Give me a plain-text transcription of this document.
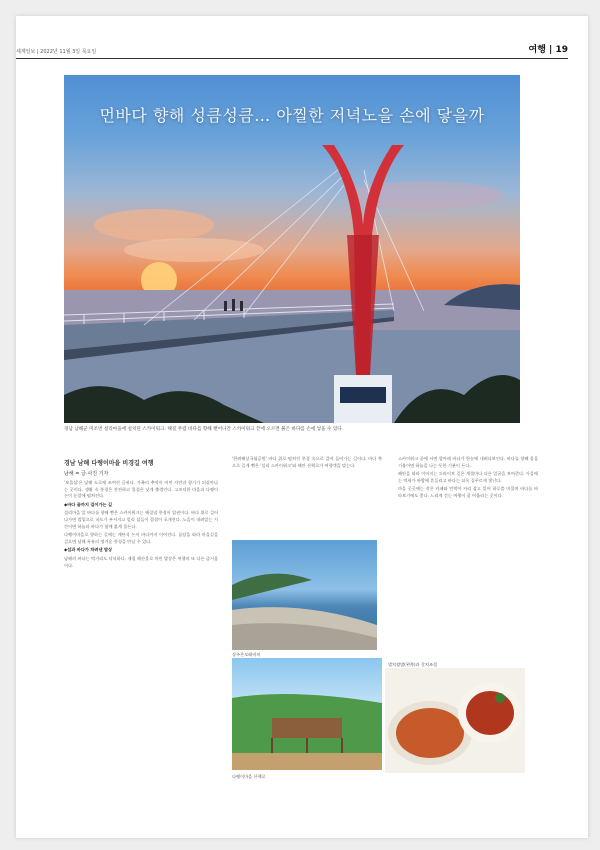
세계일보 | 2022년 11월 3일 목요일	여행 | 19
먼바다 향해 성큼성큼… 아찔한 저녁노을 손에 닿을까
경남 남해군 미조면 설리마을에 설치된 스카이워크. 해질 무렵 바다를 향해 뻗어나간 스카이워크 끝에 오르면 붉은 바다를 손에 넣을 수 있다.
경남 남해 다랭이마을 비경길 여행
남해 = 글·사진 기자

'보물섬'은 남해 도로에 쓰여진 글귀다. 가족의 추억이 어린 자연과 향기가 되살아나는 곳이다. 생활 속 풍경은 잔잔하고 물결은 낮게 출렁인다. 고즈넉한 마을과 다랭이논이 눈앞에 펼쳐진다.

◆바다 끝까지 걸어가는 길

설리마을 앞 바다를 향해 뻗은 스카이워크는 해질녘 풍경이 압권이다. 바다 위로 걸어 나가면 발밑으로 파도가 부서지고 멀리 섬들이 겹겹이 포개진다. 노을이 내려앉는 시간이면 하늘과 바다가 함께 붉게 물든다.

다랭이마을로 향하는 길에는 계단식 논이 바다까지 이어진다. 돌담을 따라 마을길을 걸으면 남해 특유의 정겨운 풍경을 만날 수 있다.

◆섬과 바다가 차려낸 밥상

남해의 바다는 먹거리도 넉넉하다. 제철 해산물로 차린 밥상은 여행의 또 다른 즐거움이다.

'한려해상국립공원' 바다 위로 펼쳐진 풍경 속으로 걸어 들어가는 길이다. 바다 쪽으로 길게 뻗은 '설리 스카이워크'와 해안 산책로가 여행객을 맞는다.

스카이워크 끝에 서면 발아래 바다가 한눈에 내려다보인다. 바다를 향해 몸을 기울이면 하늘을 나는 듯한 기분이 든다.

해안을 따라 이어지는 드라이브 길은 계절마다 다른 얼굴을 보여준다. 가을에는 억새가 바람에 흔들리고 바다는 더욱 짙푸르게 빛난다.

마을 곳곳에는 작은 카페와 민박이 자리 잡고 있어 하루쯤 머물며 바다를 바라보기에도 좋다. 느리게 걷는 여행이 잘 어울리는 곳이다.

상주은모래비치
다랭이마을 산책로
멸치쌈밥(왼쪽)과 갈치조림
